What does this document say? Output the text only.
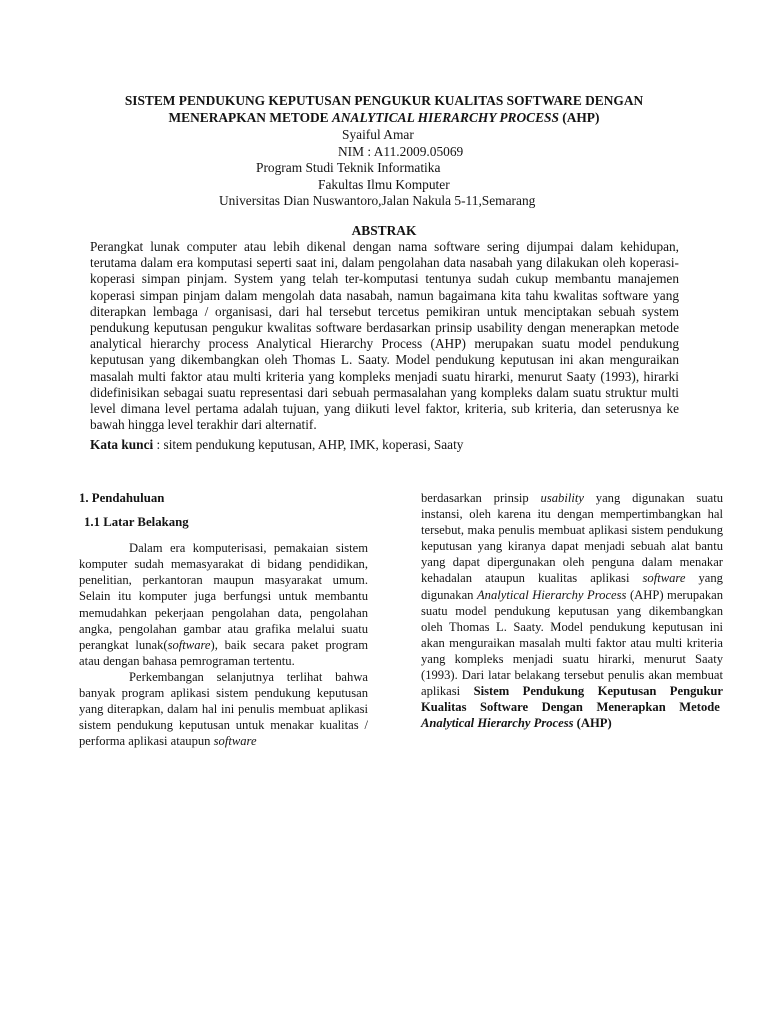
SISTEM PENDUKUNG KEPUTUSAN PENGUKUR KUALITAS SOFTWARE DENGAN
MENERAPKAN METODE ANALYTICAL HIERARCHY PROCESS (AHP)
Syaiful Amar
NIM : A11.2009.05069
Program Studi Teknik Informatika
Fakultas Ilmu Komputer
Universitas Dian Nuswantoro,Jalan Nakula 5-11,Semarang
ABSTRAK
Perangkat lunak computer atau lebih dikenal dengan nama software sering dijumpai dalam kehidupan, terutama dalam era komputasi seperti saat ini, dalam pengolahan data nasabah yang dilakukan oleh koperasi-koperasi simpan pinjam. System yang telah ter-komputasi tentunya sudah cukup membantu manajemen koperasi simpan pinjam dalam mengolah data nasabah, namun bagaimana kita tahu kwalitas software yang diterapkan lembaga / organisasi, dari hal tersebut tercetus pemikiran untuk menciptakan sebuah system pendukung keputusan pengukur kwalitas software berdasarkan prinsip usability dengan menerapkan metode analytical hierarchy process Analytical Hierarchy Process (AHP) merupakan suatu model pendukung keputusan yang dikembangkan oleh Thomas L. Saaty. Model pendukung keputusan ini akan menguraikan masalah multi faktor atau multi kriteria yang kompleks menjadi suatu hirarki, menurut Saaty (1993), hirarki didefinisikan sebagai suatu representasi dari sebuah permasalahan yang kompleks dalam suatu struktur multi level dimana level pertama adalah tujuan, yang diikuti level faktor, kriteria, sub kriteria, dan seterusnya ke bawah hingga level terakhir dari alternatif.
Kata kunci : sitem pendukung keputusan, AHP, IMK, koperasi, Saaty
1. Pendahuluan
1.1 Latar Belakang

Dalam era komputerisasi, pemakaian sistem komputer sudah memasyarakat di bidang pendidikan, penelitian, perkantoran maupun masyarakat umum. Selain itu komputer juga berfungsi untuk membantu memudahkan pekerjaan pengolahan data, pengolahan angka, pengolahan gambar atau grafika melalui suatu perangkat lunak(software), baik secara paket program atau dengan bahasa pemrograman tertentu.

Perkembangan selanjutnya terlihat bahwa banyak program aplikasi sistem pendukung keputusan yang diterapkan, dalam hal ini penulis membuat aplikasi sistem pendukung keputusan untuk menakar kualitas / performa aplikasi ataupun software

berdasarkan prinsip usability yang digunakan suatu instansi, oleh karena itu dengan mempertimbangkan hal tersebut, maka penulis membuat aplikasi sistem pendukung keputusan yang kiranya dapat menjadi sebuah alat bantu yang dapat dipergunakan oleh penguna dalam menakar kehadalan ataupun kualitas aplikasi software yang digunakan Analytical Hierarchy Process (AHP) merupakan suatu model pendukung keputusan yang dikembangkan oleh Thomas L. Saaty. Model pendukung keputusan ini akan menguraikan masalah multi faktor atau multi kriteria yang kompleks menjadi suatu hirarki, menurut Saaty (1993). Dari latar belakang tersebut penulis akan membuat aplikasi Sistem Pendukung Keputusan Pengukur Kualitas Software Dengan Menerapkan Metode  Analytical Hierarchy Process (AHP)
